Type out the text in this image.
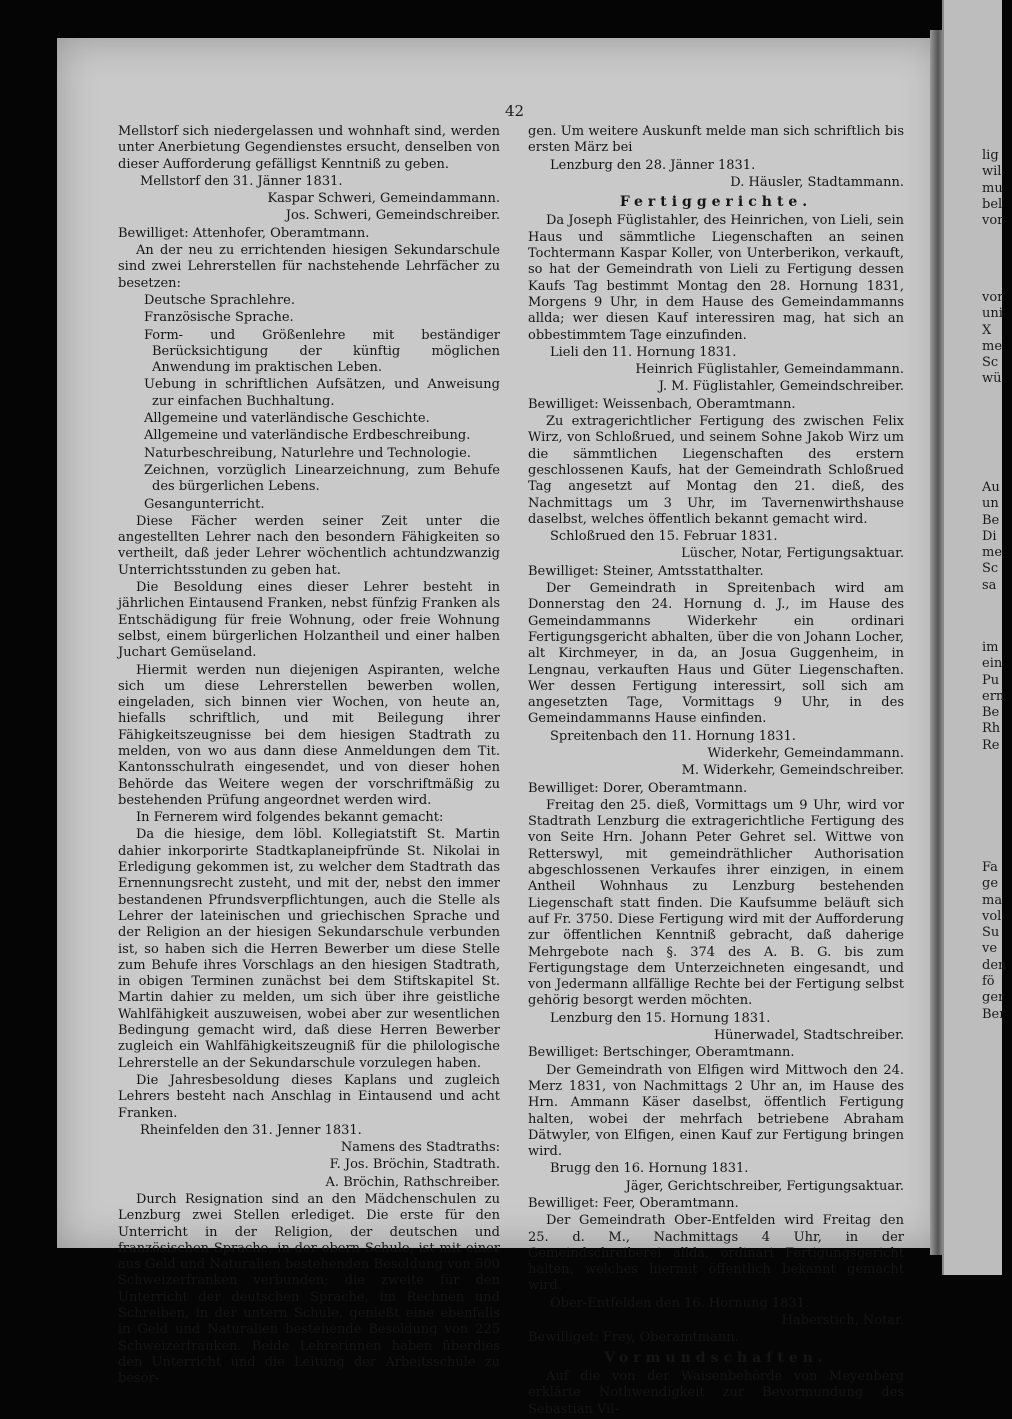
42

Mellstorf sich niedergelassen und wohnhaft sind, werden unter Anerbietung Gegendienstes ersucht, denselben von dieser Aufforderung gefälligst Kenntniß zu geben.

Mellstorf den 31. Jänner 1831.

Kaspar Schweri, Gemeindammann.

Jos. Schweri, Gemeindschreiber.

Bewilliget: Attenhofer, Oberamtmann.

An der neu zu errichtenden hiesigen Sekundarschule sind zwei Lehrerstellen für nachstehende Lehrfächer zu besetzen:

Deutsche Sprachlehre.

Französische Sprache.

Form- und Größenlehre mit beständiger Berücksichtigung der künftig möglichen Anwendung im praktischen Leben.

Uebung in schriftlichen Aufsätzen, und Anweisung zur einfachen Buchhaltung.

Allgemeine und vaterländische Geschichte.

Allgemeine und vaterländische Erdbeschreibung.

Naturbeschreibung, Naturlehre und Technologie.

Zeichnen, vorzüglich Linearzeichnung, zum Behufe des bürgerlichen Lebens.

Gesangunterricht.

Diese Fächer werden seiner Zeit unter die angestellten Lehrer nach den besondern Fähigkeiten so vertheilt, daß jeder Lehrer wöchentlich achtundzwanzig Unterrichtsstunden zu geben hat.

Die Besoldung eines dieser Lehrer besteht in jährlichen Eintausend Franken, nebst fünfzig Franken als Entschädigung für freie Wohnung, oder freie Wohnung selbst, einem bürgerlichen Holzantheil und einer halben Juchart Gemüseland.

Hiermit werden nun diejenigen Aspiranten, welche sich um diese Lehrerstellen bewerben wollen, eingeladen, sich binnen vier Wochen, von heute an, hiefalls schriftlich, und mit Beilegung ihrer Fähigkeitszeugnisse bei dem hiesigen Stadtrath zu melden, von wo aus dann diese Anmeldungen dem Tit. Kantonsschulrath eingesendet, und von dieser hohen Behörde das Weitere wegen der vorschriftmäßig zu bestehenden Prüfung angeordnet werden wird.

In Fernerem wird folgendes bekannt gemacht:

Da die hiesige, dem löbl. Kollegiatstift St. Martin dahier inkorporirte Stadtkaplaneipfründe St. Nikolai in Erledigung gekommen ist, zu welcher dem Stadtrath das Ernennungsrecht zusteht, und mit der, nebst den immer bestandenen Pfrundsverpflichtungen, auch die Stelle als Lehrer der lateinischen und griechischen Sprache und der Religion an der hiesigen Sekundarschule verbunden ist, so haben sich die Herren Bewerber um diese Stelle zum Behufe ihres Vorschlags an den hiesigen Stadtrath, in obigen Terminen zunächst bei dem Stiftskapitel St. Martin dahier zu melden, um sich über ihre geistliche Wahlfähigkeit auszuweisen, wobei aber zur wesentlichen Bedingung gemacht wird, daß diese Herren Bewerber zugleich ein Wahlfähigkeitszeugniß für die philologische Lehrerstelle an der Sekundarschule vorzulegen haben.

Die Jahresbesoldung dieses Kaplans und zugleich Lehrers besteht nach Anschlag in Eintausend und acht Franken.

Rheinfelden den 31. Jenner 1831.

Namens des Stadtraths:

F. Jos. Bröchin, Stadtrath.

A. Bröchin, Rathschreiber.

Durch Resignation sind an den Mädchenschulen zu Lenzburg zwei Stellen erlediget. Die erste für den Unterricht in der Religion, der deutschen und französischen Sprache, in der obern Schule, ist mit einer aus Geld und Naturalien bestehenden Besoldung von 500 Schweizerfranken verbunden; die zweite für den Unterricht der deutschen Sprache, im Rechnen und Schreiben, in der untern Schule, genießt eine ebenfalls in Geld und Naturalien bestehende Besoldung von 225 Schweizerfranken. Beide Lehrerinnen haben überdies den Unterricht und die Leitung der Arbeitsschule zu besor-

gen. Um weitere Auskunft melde man sich schriftlich bis ersten März bei

Lenzburg den 28. Jänner 1831.

D. Häusler, Stadtammann.

Fertiggerichte.

Da Joseph Füglistahler, des Heinrichen, von Lieli, sein Haus und sämmtliche Liegenschaften an seinen Tochtermann Kaspar Koller, von Unterberikon, verkauft, so hat der Gemeindrath von Lieli zu Fertigung dessen Kaufs Tag bestimmt Montag den 28. Hornung 1831, Morgens 9 Uhr, in dem Hause des Gemeindammanns allda; wer diesen Kauf interessiren mag, hat sich an obbestimmtem Tage einzufinden.

Lieli den 11. Hornung 1831.

Heinrich Füglistahler, Gemeindammann.

J. M. Füglistahler, Gemeindschreiber.

Bewilliget: Weissenbach, Oberamtmann.

Zu extragerichtlicher Fertigung des zwischen Felix Wirz, von Schloßrued, und seinem Sohne Jakob Wirz um die sämmtlichen Liegenschaften des erstern geschlossenen Kaufs, hat der Gemeindrath Schloßrued Tag angesetzt auf Montag den 21. dieß, des Nachmittags um 3 Uhr, im Tavernenwirthshause daselbst, welches öffentlich bekannt gemacht wird.

Schloßrued den 15. Februar 1831.

Lüscher, Notar, Fertigungsaktuar.

Bewilliget: Steiner, Amtsstatthalter.

Der Gemeindrath in Spreitenbach wird am Donnerstag den 24. Hornung d. J., im Hause des Gemeindammanns Widerkehr ein ordinari Fertigungsgericht abhalten, über die von Johann Locher, alt Kirchmeyer, in da, an Josua Guggenheim, in Lengnau, verkauften Haus und Güter Liegenschaften. Wer dessen Fertigung interessirt, soll sich am angesetzten Tage, Vormittags 9 Uhr, in des Gemeindammanns Hause einfinden.

Spreitenbach den 11. Hornung 1831.

Widerkehr, Gemeindammann.

M. Widerkehr, Gemeindschreiber.

Bewilliget: Dorer, Oberamtmann.

Freitag den 25. dieß, Vormittags um 9 Uhr, wird vor Stadtrath Lenzburg die extragerichtliche Fertigung des von Seite Hrn. Johann Peter Gehret sel. Wittwe von Retterswyl, mit gemeindräthlicher Authorisation abgeschlossenen Verkaufes ihrer einzigen, in einem Antheil Wohnhaus zu Lenzburg bestehenden Liegenschaft statt finden. Die Kaufsumme beläuft sich auf Fr. 3750. Diese Fertigung wird mit der Aufforderung zur öffentlichen Kenntniß gebracht, daß daherige Mehrgebote nach §. 374 des A. B. G. bis zum Fertigungstage dem Unterzeichneten eingesandt, und von Jedermann allfällige Rechte bei der Fertigung selbst gehörig besorgt werden möchten.

Lenzburg den 15. Hornung 1831.

Hünerwadel, Stadtschreiber.

Bewilliget: Bertschinger, Oberamtmann.

Der Gemeindrath von Elfigen wird Mittwoch den 24. Merz 1831, von Nachmittags 2 Uhr an, im Hause des Hrn. Ammann Käser daselbst, öffentlich Fertigung halten, wobei der mehrfach betriebene Abraham Dätwyler, von Elfigen, einen Kauf zur Fertigung bringen wird.

Brugg den 16. Hornung 1831.

Jäger, Gerichtschreiber, Fertigungsaktuar.

Bewilliget: Feer, Oberamtmann.

Der Gemeindrath Ober-Entfelden wird Freitag den 25. d. M., Nachmittags 4 Uhr, in der Gemeindschreiberei allda, ordinari Fertigungsgericht halten, welches hiermit öffentlich bekannt gemacht wird.

Ober-Entfelden den 16. Hornung 1831.

Haberstich, Notar.

Bewilliget: Frey, Oberamtmann.

Vormundschaften.

Auf die von der Waisenbehörde von Meyenberg erklärte Nothwendigkeit zur Bevormundung des Sebastian Vil-

lig
wil
mu
bel
vor
vor
uni
X
me
Sc
wü
Au
un
Be
Di
me
Sc
sa
im
ein
Pu
ern
Be
Rh
Re
Fa
ge
ma
vol
Su
ve
den
fö
ger
Ber
